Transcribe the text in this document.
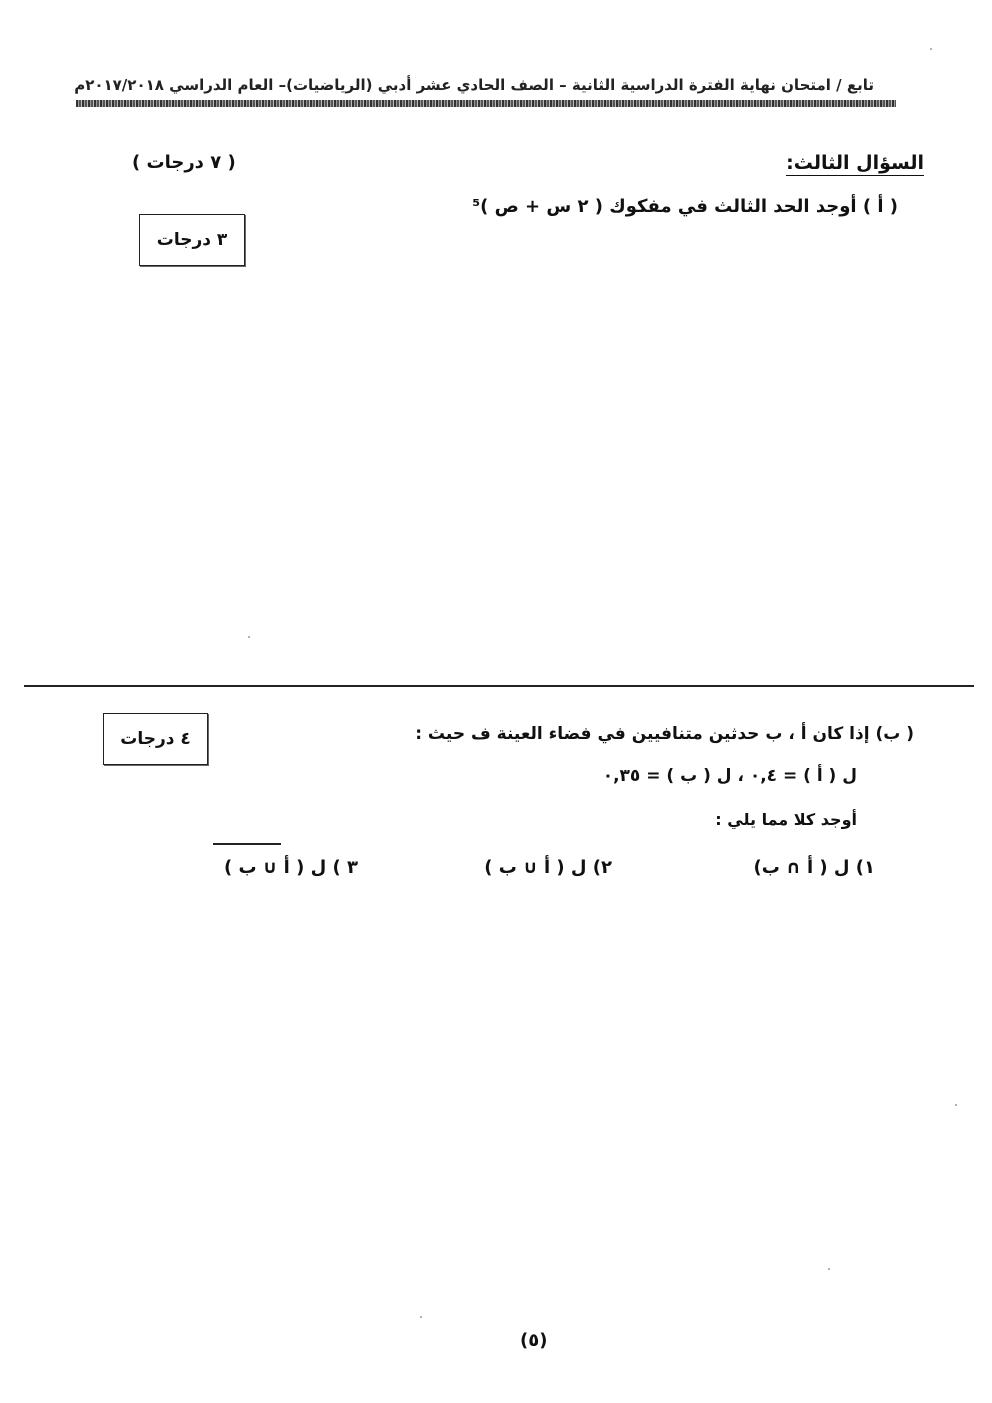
تابع / امتحان نهاية الفترة الدراسية الثانية – الصف الحادي عشر أدبي (الرياضيات)– العام الدراسي ٢٠١٧/٢٠١٨م
السؤال الثالث:
( ٧ درجات )
( أ ) أوجد الحد الثالث في مفكوك ( ٢ س + ص )⁵
٣ درجات
٤ درجات	( ب) إذا كان أ ، ب حدثين متنافيين في فضاء العينة ف حيث :
ل ( أ ) = ٠,٤ ، ل ( ب ) = ٠,٣٥
أوجد كلا مما يلي :
١) ل ( أ ∩ ب)
٢) ل ( أ ∪ ب )
٣ ) ل ( أ ∪ ب )
(٥)
